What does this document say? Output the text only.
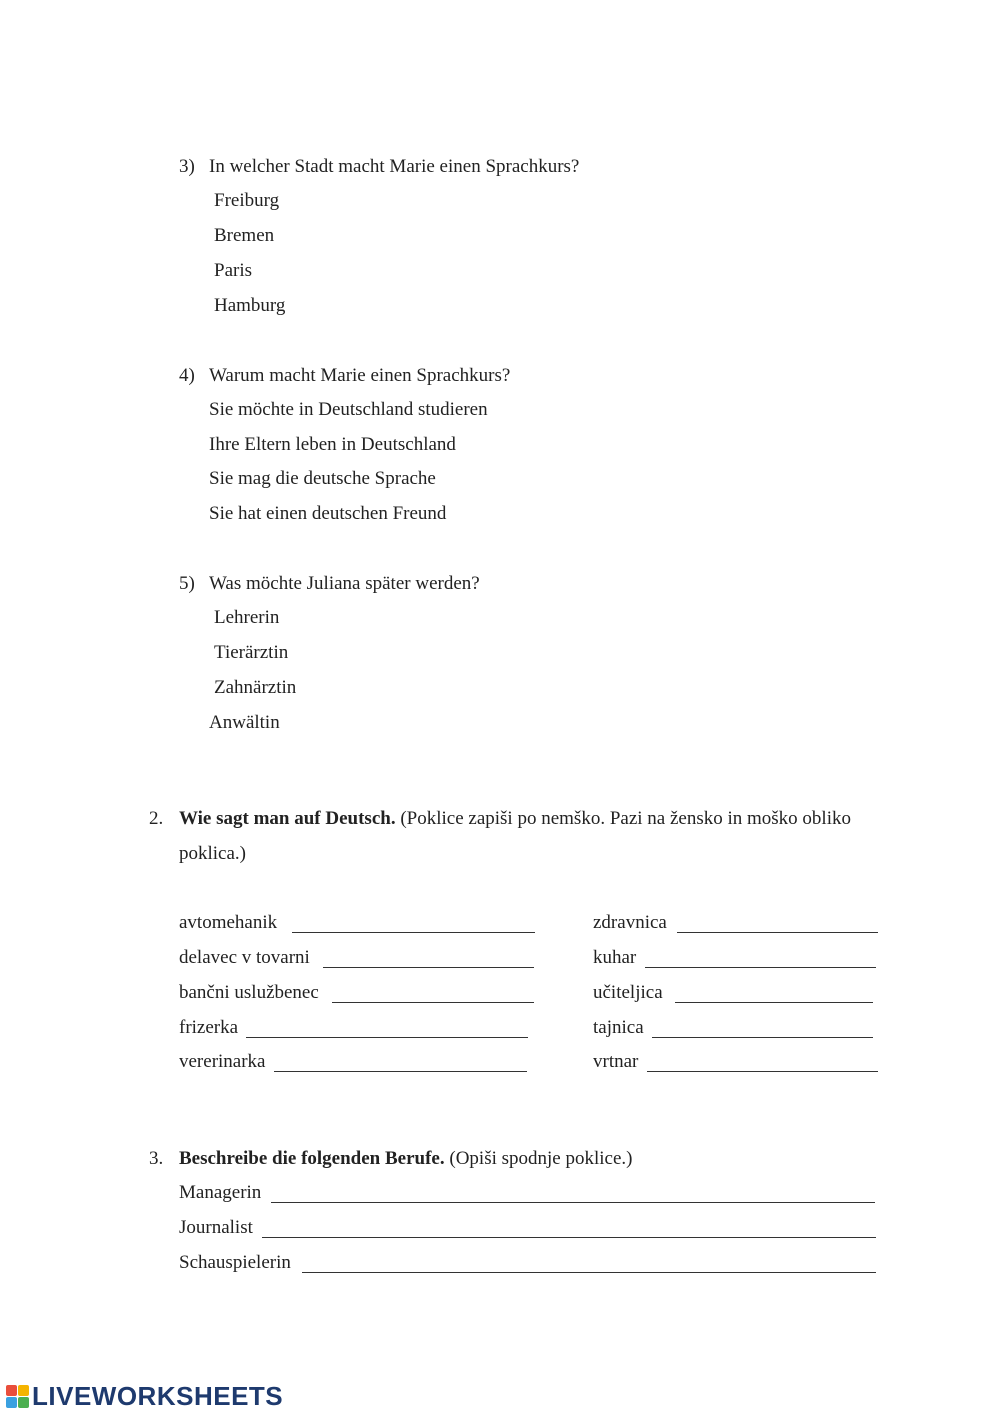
3) In welcher Stadt macht Marie einen Sprachkurs?
Freiburg
Bremen
Paris
Hamburg
4) Warum macht Marie einen Sprachkurs?
Sie möchte in Deutschland studieren
Ihre Eltern leben in Deutschland
Sie mag die deutsche Sprache
Sie hat einen deutschen Freund
5) Was möchte Juliana später werden?
Lehrerin
Tierärztin
Zahnärztin
Anwältin
2. Wie sagt man auf Deutsch. (Poklice zapiši po nemško. Pazi na žensko in moško obliko
poklica.)
avtomehanik
delavec v tovarni
bančni uslužbenec
frizerka
vererinarka
zdravnica
kuhar
učiteljica
tajnica
vrtnar
3. Beschreibe die folgenden Berufe. (Opiši spodnje poklice.)
Managerin
Journalist
Schauspielerin
LIVEWORKSHEETS
